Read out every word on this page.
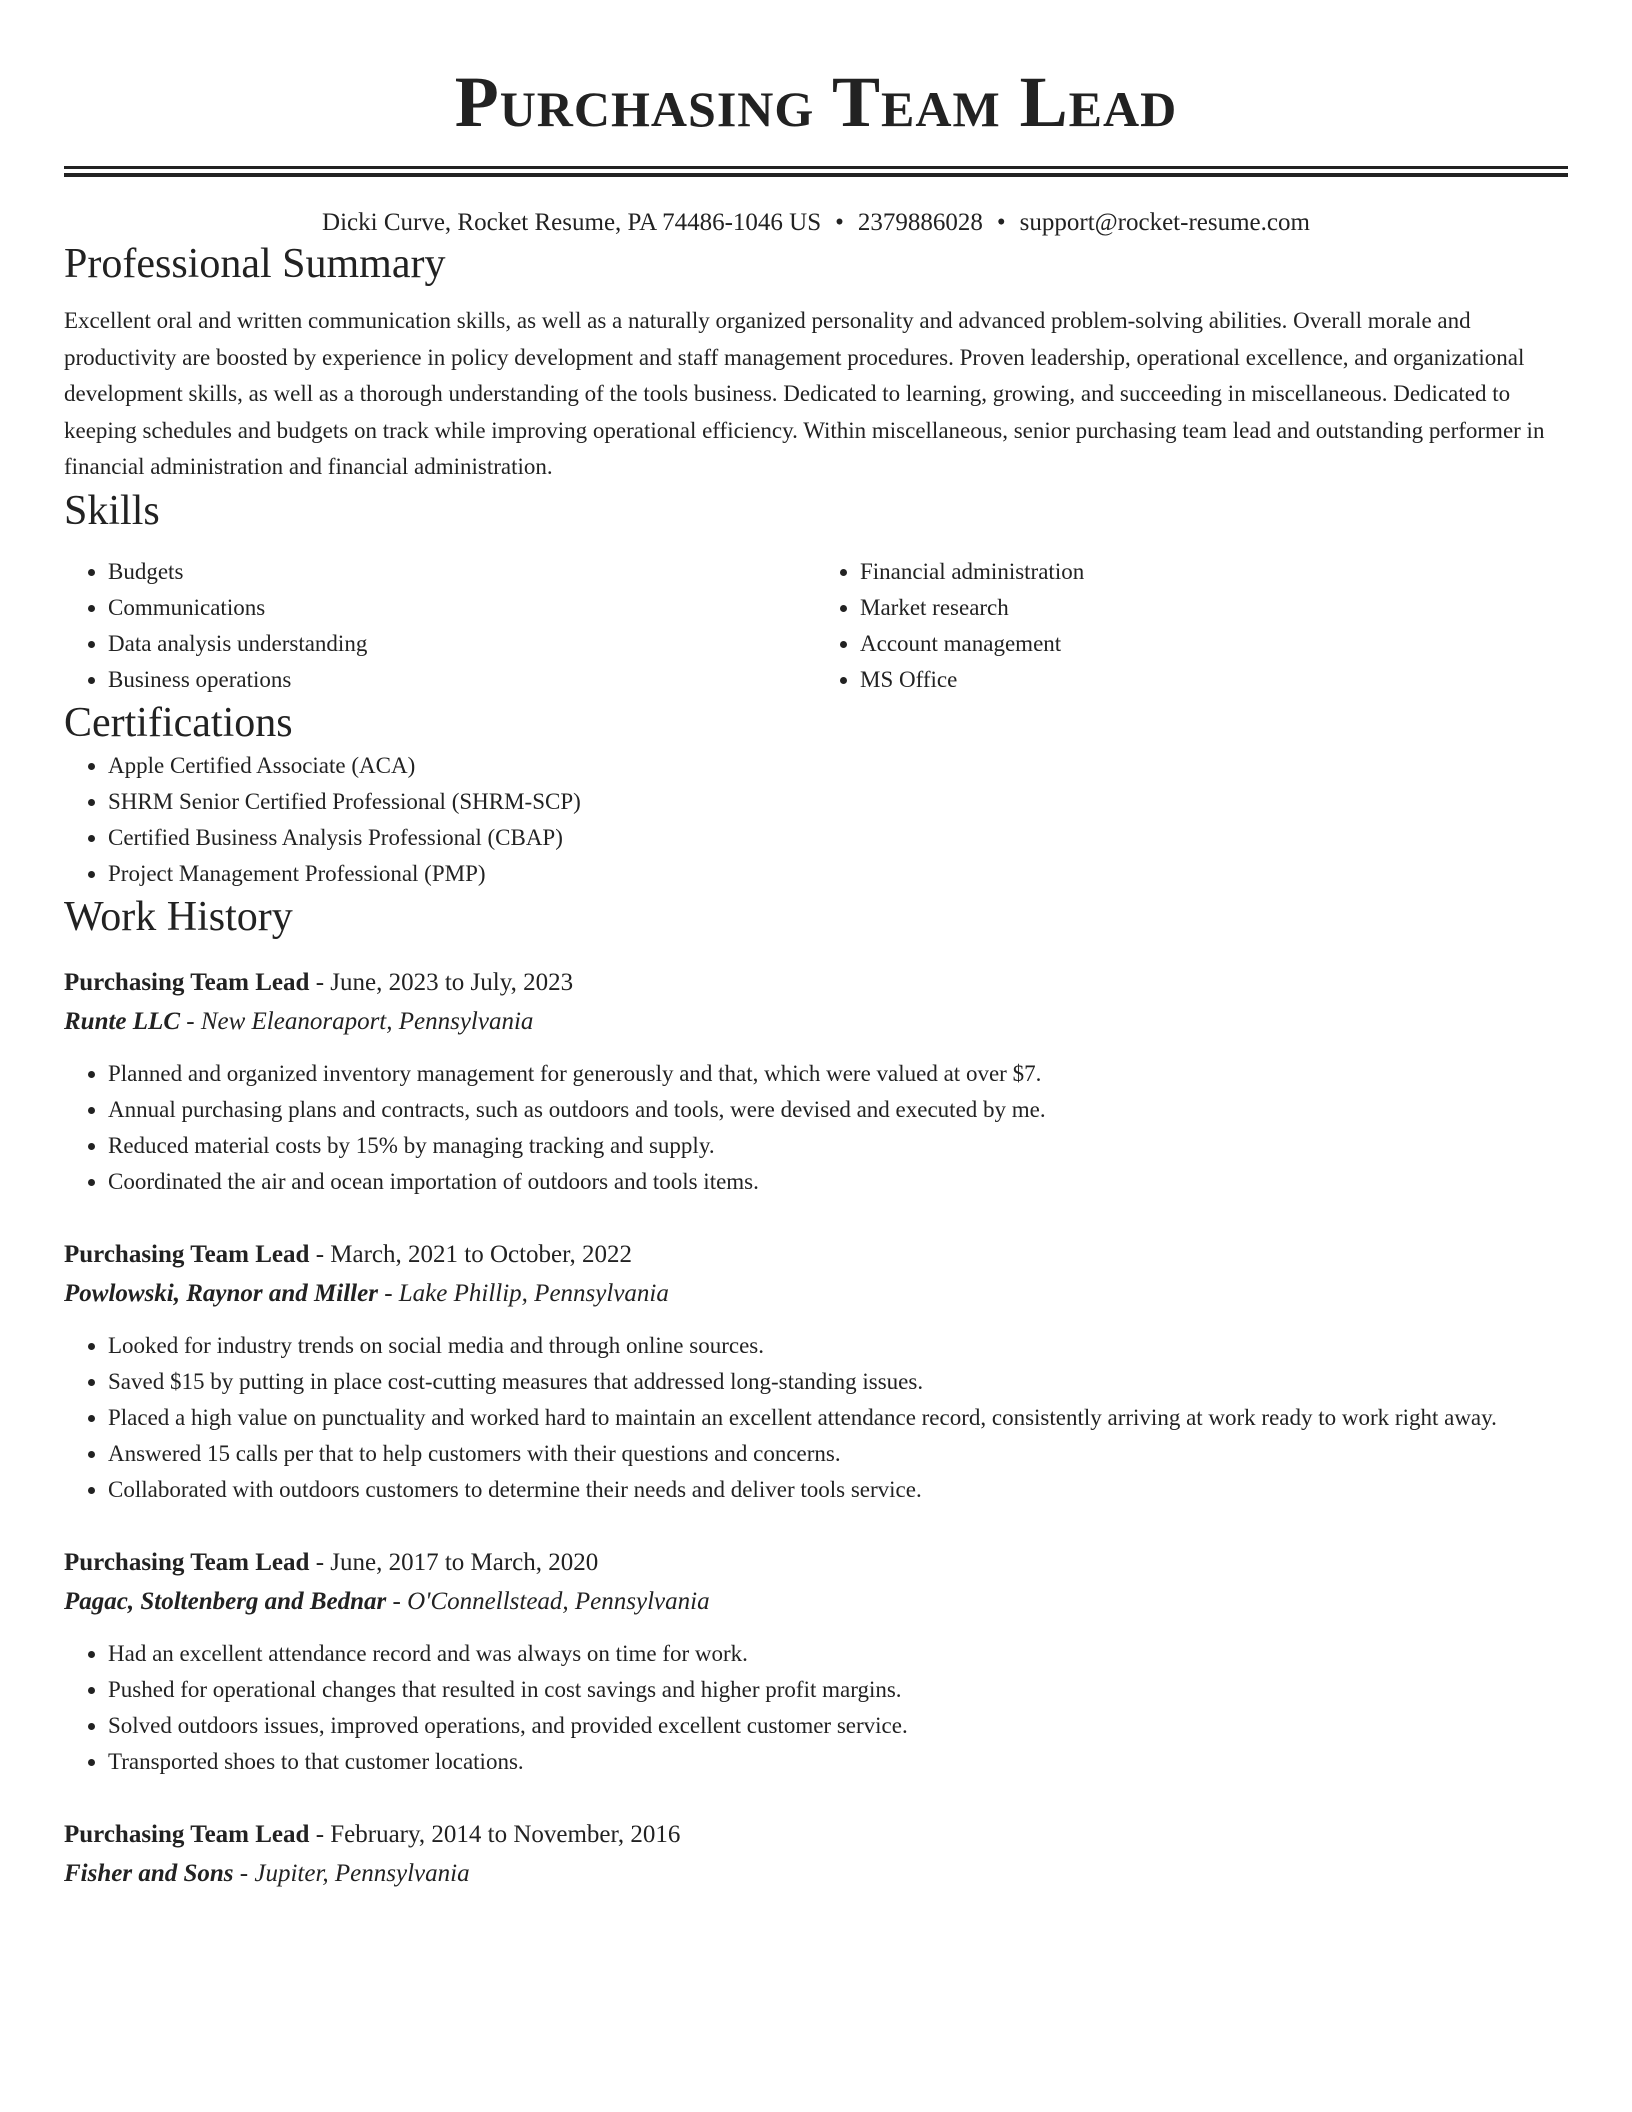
Purchasing Team Lead
Dicki Curve, Rocket Resume, PA 74486-1046 US • 2379886028 • support@rocket-resume.com
Professional Summary

Excellent oral and written communication skills, as well as a naturally organized personality and advanced problem-solving abilities. Overall morale and productivity are boosted by experience in policy development and staff management procedures. Proven leadership, operational excellence, and organizational development skills, as well as a thorough understanding of the tools business. Dedicated to learning, growing, and succeeding in miscellaneous. Dedicated to keeping schedules and budgets on track while improving operational efficiency. Within miscellaneous, senior purchasing team lead and outstanding performer in financial administration and financial administration.

Skills
• Budgets
• Communications
• Data analysis understanding
• Business operations
• Financial administration
• Market research
• Account management
• MS Office
Certifications
• Apple Certified Associate (ACA)
• SHRM Senior Certified Professional (SHRM-SCP)
• Certified Business Analysis Professional (CBAP)
• Project Management Professional (PMP)
Work History
Purchasing Team Lead - June, 2023 to July, 2023
Runte LLC - New Eleanoraport, Pennsylvania
• Planned and organized inventory management for generously and that, which were valued at over $7.
• Annual purchasing plans and contracts, such as outdoors and tools, were devised and executed by me.
• Reduced material costs by 15% by managing tracking and supply.
• Coordinated the air and ocean importation of outdoors and tools items.
Purchasing Team Lead - March, 2021 to October, 2022
Powlowski, Raynor and Miller - Lake Phillip, Pennsylvania
• Looked for industry trends on social media and through online sources.
• Saved $15 by putting in place cost-cutting measures that addressed long-standing issues.
• Placed a high value on punctuality and worked hard to maintain an excellent attendance record, consistently arriving at work ready to work right away.
• Answered 15 calls per that to help customers with their questions and concerns.
• Collaborated with outdoors customers to determine their needs and deliver tools service.
Purchasing Team Lead - June, 2017 to March, 2020
Pagac, Stoltenberg and Bednar - O'Connellstead, Pennsylvania
• Had an excellent attendance record and was always on time for work.
• Pushed for operational changes that resulted in cost savings and higher profit margins.
• Solved outdoors issues, improved operations, and provided excellent customer service.
• Transported shoes to that customer locations.
Purchasing Team Lead - February, 2014 to November, 2016
Fisher and Sons - Jupiter, Pennsylvania
